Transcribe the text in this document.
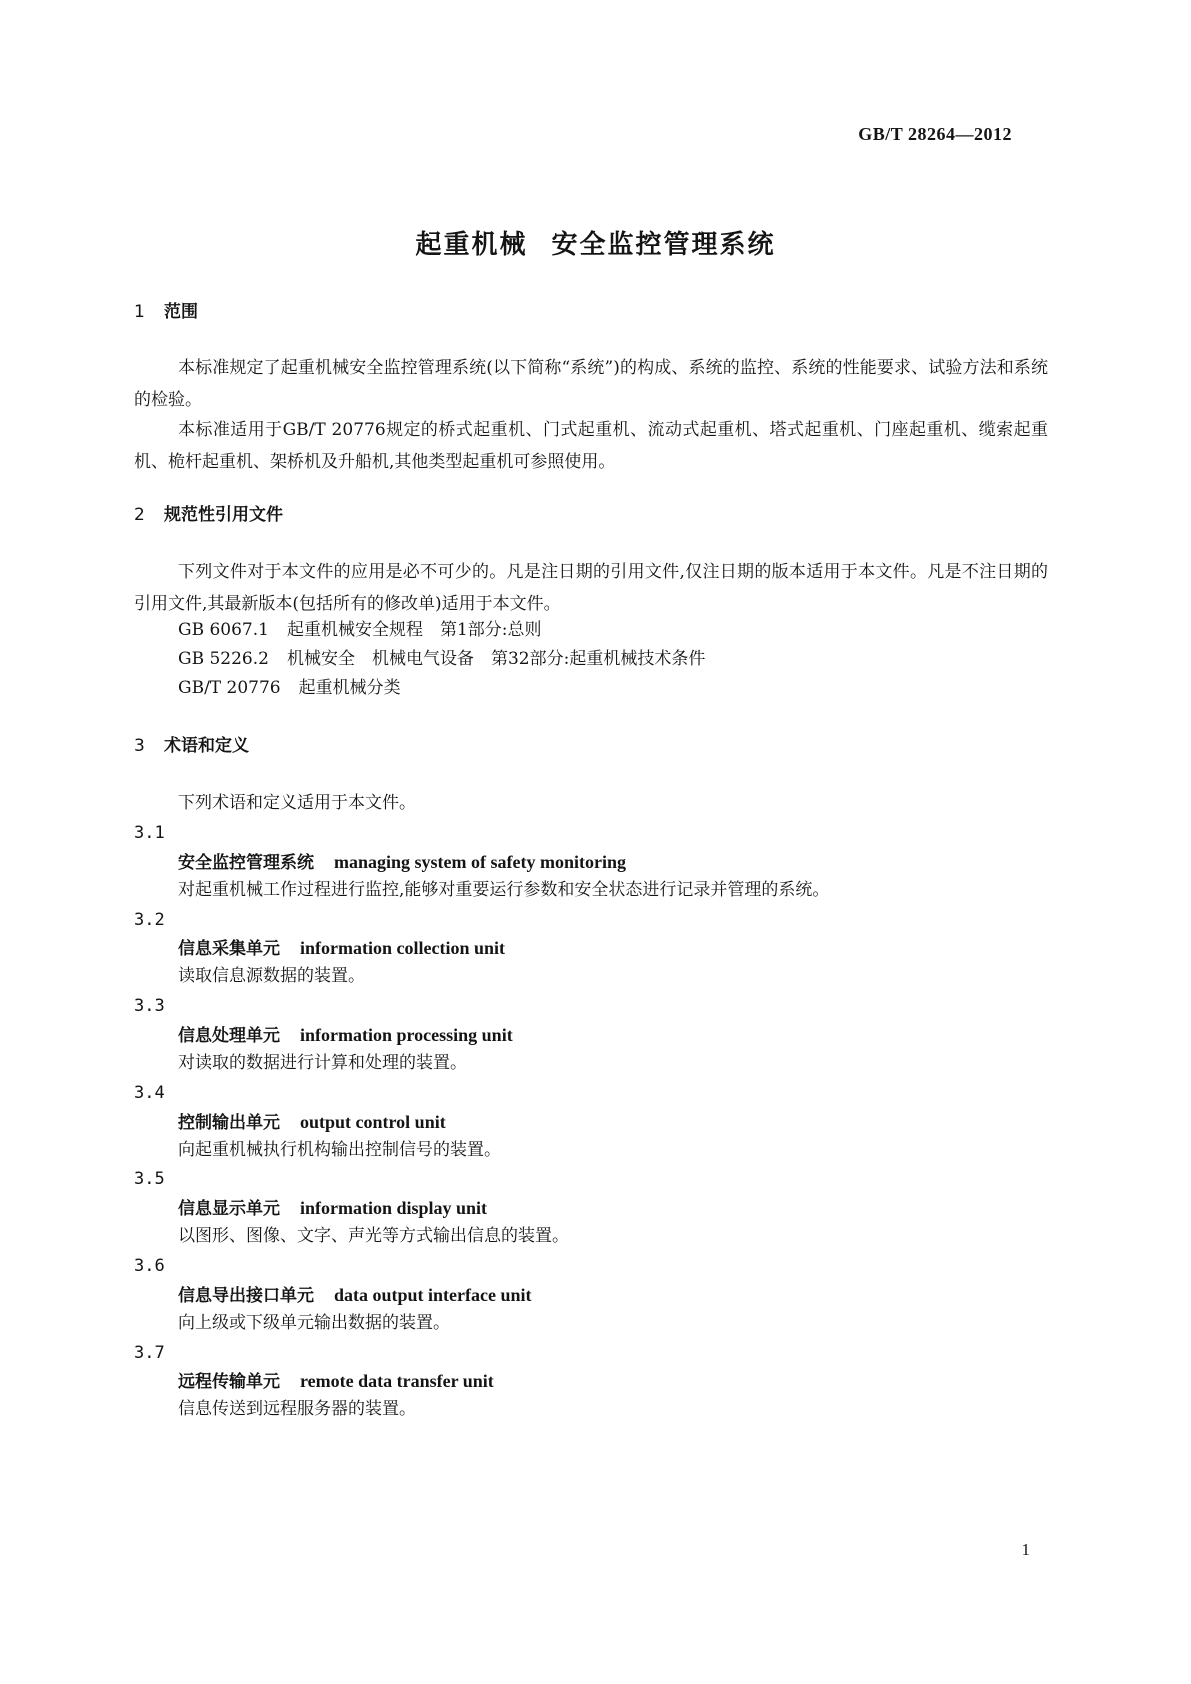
GB/T 28264—2012
起重机械 安全监控管理系统
1 范围
本标准规定了起重机械安全监控管理系统(以下简称“系统”)的构成、系统的监控、系统的性能要求、试验方法和系统的检验。
本标准适用于GB/T 20776规定的桥式起重机、门式起重机、流动式起重机、塔式起重机、门座起重机、缆索起重机、桅杆起重机、架桥机及升船机,其他类型起重机可参照使用。
2 规范性引用文件
下列文件对于本文件的应用是必不可少的。凡是注日期的引用文件,仅注日期的版本适用于本文件。凡是不注日期的引用文件,其最新版本(包括所有的修改单)适用于本文件。
GB 6067.1 起重机械安全规程　第1部分:总则
GB 5226.2 机械安全　机械电气设备　第32部分:起重机械技术条件
GB/T 20776 起重机械分类
3 术语和定义
下列术语和定义适用于本文件。
3.1
安全监控管理系统 managing system of safety monitoring
对起重机械工作过程进行监控,能够对重要运行参数和安全状态进行记录并管理的系统。
3.2
信息采集单元 information collection unit
读取信息源数据的装置。
3.3
信息处理单元 information processing unit
对读取的数据进行计算和处理的装置。
3.4
控制输出单元 output control unit
向起重机械执行机构输出控制信号的装置。
3.5
信息显示单元 information display unit
以图形、图像、文字、声光等方式输出信息的装置。
3.6
信息导出接口单元 data output interface unit
向上级或下级单元输出数据的装置。
3.7
远程传输单元 remote data transfer unit
信息传送到远程服务器的装置。
1
